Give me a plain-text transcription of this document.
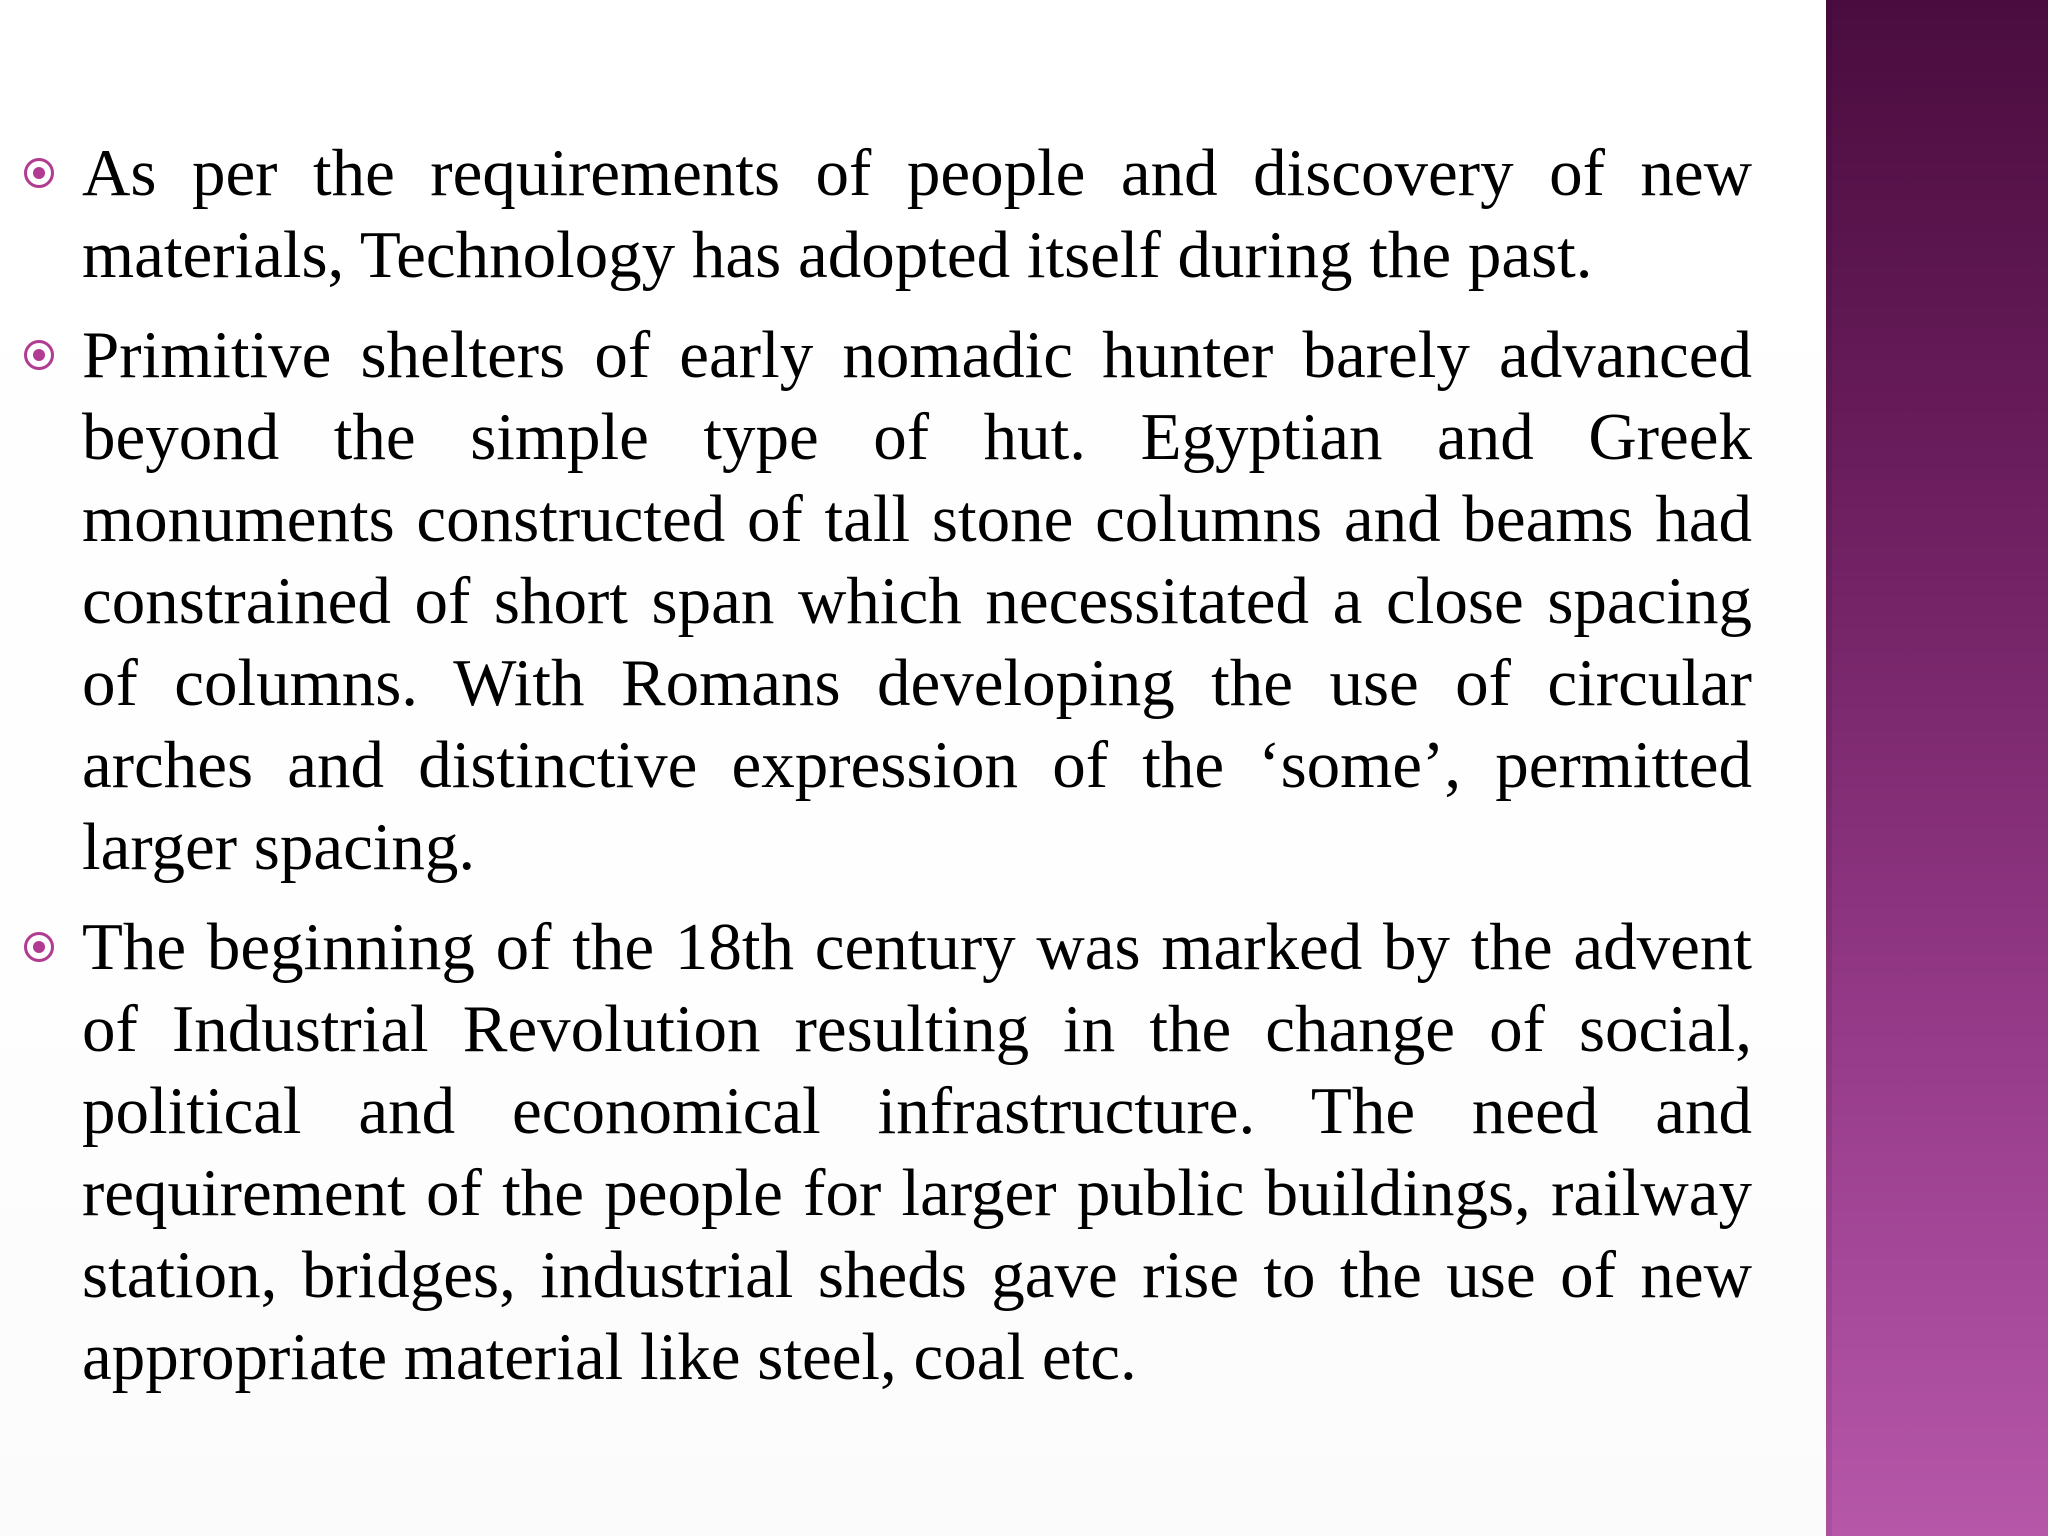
As per the requirements of people and discovery of new materials, Technology has adopted itself during the past.

Primitive shelters of early nomadic hunter barely advanced beyond the simple type of hut. Egyptian and Greek monuments constructed of tall stone columns and beams had constrained of short span which necessitated a close spacing of columns. With Romans developing the use of circular arches and distinctive expression of the ‘some’, permitted larger spacing.

The beginning of the 18th century was marked by the advent of Industrial Revolution resulting in the change of social, political and economical infrastructure. The need and requirement of the people for larger public buildings, railway station, bridges, industrial sheds gave rise to the use of new appropriate material like steel, coal etc.
